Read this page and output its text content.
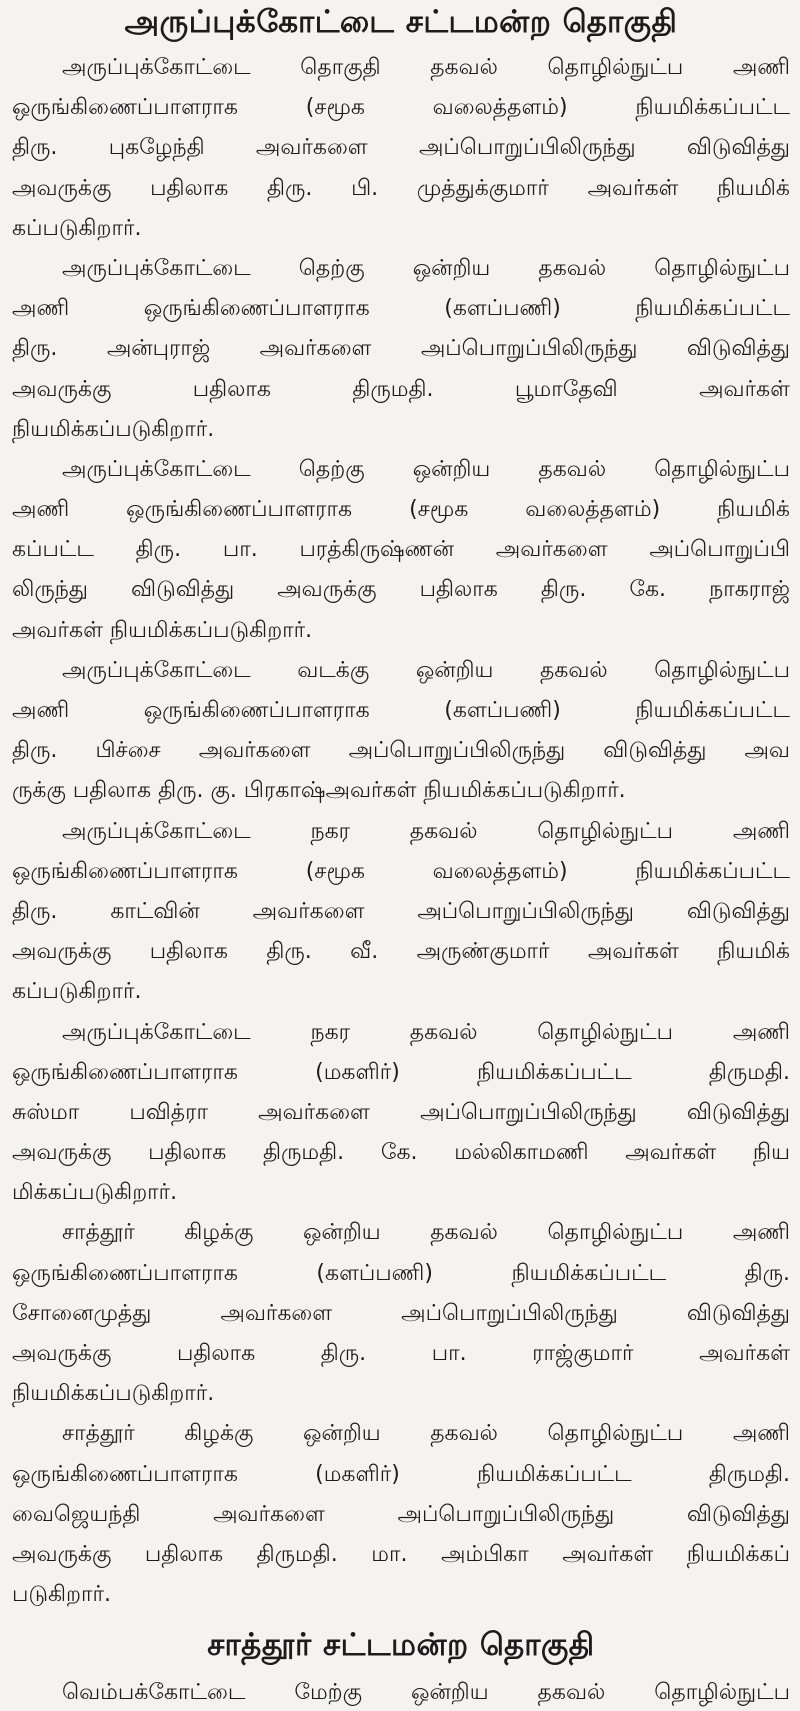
அருப்புக்கோட்டை சட்டமன்ற தொகுதி
அருப்புக்கோட்டை தொகுதி தகவல் தொழில்நுட்ப அணி
ஒருங்கிணைப்பாளராக (சமூக வலைத்தளம்) நியமிக்கப்பட்ட
திரு. புகழேந்தி அவர்களை அப்பொறுப்பிலிருந்து விடுவித்து
அவருக்கு பதிலாக திரு. பி. முத்துக்குமார் அவர்கள் நியமிக்
கப்படுகிறார்.
அருப்புக்கோட்டை தெற்கு ஒன்றிய தகவல் தொழில்நுட்ப
அணி ஒருங்கிணைப்பாளராக (களப்பணி) நியமிக்கப்பட்ட
திரு. அன்புராஜ் அவர்களை அப்பொறுப்பிலிருந்து விடுவித்து
அவருக்கு பதிலாக திருமதி. பூமாதேவி அவர்கள்
நியமிக்கப்படுகிறார்.
அருப்புக்கோட்டை தெற்கு ஒன்றிய தகவல் தொழில்நுட்ப
அணி ஒருங்கிணைப்பாளராக (சமூக வலைத்தளம்) நியமிக்
கப்பட்ட திரு. பா. பரத்கிருஷ்ணன் அவர்களை அப்பொறுப்பி
லிருந்து விடுவித்து அவருக்கு பதிலாக திரு. கே. நாகராஜ்
அவர்கள் நியமிக்கப்படுகிறார்.
அருப்புக்கோட்டை வடக்கு ஒன்றிய தகவல் தொழில்நுட்ப
அணி ஒருங்கிணைப்பாளராக (களப்பணி) நியமிக்கப்பட்ட
திரு. பிச்சை அவர்களை அப்பொறுப்பிலிருந்து விடுவித்து அவ
ருக்கு பதிலாக திரு. கு. பிரகாஷ்அவர்கள் நியமிக்கப்படுகிறார்.
அருப்புக்கோட்டை நகர தகவல் தொழில்நுட்ப அணி
ஒருங்கிணைப்பாளராக (சமூக வலைத்தளம்) நியமிக்கப்பட்ட
திரு. காட்வின் அவர்களை அப்பொறுப்பிலிருந்து விடுவித்து
அவருக்கு பதிலாக திரு. வீ. அருண்குமார் அவர்கள் நியமிக்
கப்படுகிறார்.
அருப்புக்கோட்டை நகர தகவல் தொழில்நுட்ப அணி
ஒருங்கிணைப்பாளராக (மகளிர்) நியமிக்கப்பட்ட திருமதி.
சுஸ்மா பவித்ரா அவர்களை அப்பொறுப்பிலிருந்து விடுவித்து
அவருக்கு பதிலாக திருமதி. கே. மல்லிகாமணி அவர்கள் நிய
மிக்கப்படுகிறார்.
சாத்தூர் கிழக்கு ஒன்றிய தகவல் தொழில்நுட்ப அணி
ஒருங்கிணைப்பாளராக (களப்பணி) நியமிக்கப்பட்ட திரு.
சோனைமுத்து அவர்களை அப்பொறுப்பிலிருந்து விடுவித்து
அவருக்கு பதிலாக திரு. பா. ராஜ்குமார் அவர்கள்
நியமிக்கப்படுகிறார்.
சாத்தூர் கிழக்கு ஒன்றிய தகவல் தொழில்நுட்ப அணி
ஒருங்கிணைப்பாளராக (மகளிர்) நியமிக்கப்பட்ட திருமதி.
வைஜெயந்தி அவர்களை அப்பொறுப்பிலிருந்து விடுவித்து
அவருக்கு பதிலாக திருமதி. மா. அம்பிகா அவர்கள் நியமிக்கப்
படுகிறார்.
சாத்தூர் சட்டமன்ற தொகுதி
வெம்பக்கோட்டை மேற்கு ஒன்றிய தகவல் தொழில்நுட்ப
